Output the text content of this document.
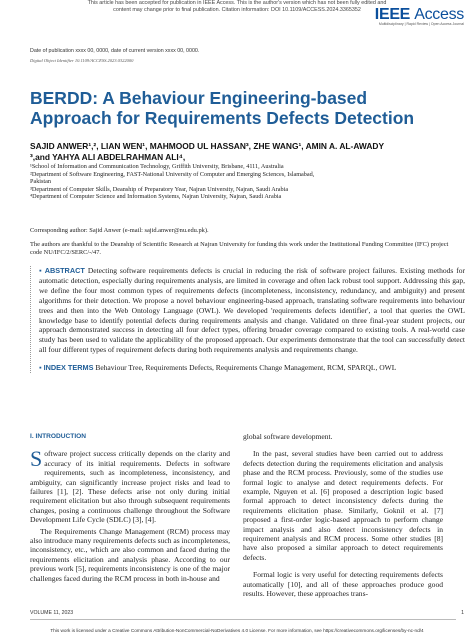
This article has been accepted for publication in IEEE Access. This is the author's version which has not been fully edited and
content may change prior to final publication. Citation information: DOI 10.1109/ACCESS.2024.3365352 IEEE Access
Multidisciplinary | Rapid Review | Open Access Journal
Date of publication xxxx 00, 0000, date of current version xxxx 00, 0000.
Digital Object Identifier 10.1109/ACCESS.2023.0322000
BERDD: A Behaviour Engineering-based
Approach for Requirements Defects Detection
SAJID ANWER¹,², LIAN WEN¹, MAHMOOD UL HASSAN³, ZHE WANG¹, AMIN A. AL-AWADY
³,and YAHYA ALI ABDELRAHMAN ALI⁴,
¹School of Information and Communication Technology, Griffith University, Brisbane, 4111, Australia
²Department of Software Engineering, FAST-National University of Computer and Emerging Sciences, Islamabad,
Pakistan
³Department of Computer Skills, Deanship of Preparatory Year, Najran University, Najran, Saudi Arabia
⁴Department of Computer Science and Information Systems, Najran University, Najran, Saudi Arabia
Corresponding author: Sajid Anwer (e-mail: sajid.anwer@nu.edu.pk).
The authors are thankful to the Deanship of Scientific Research at Najran University for funding this work under the Institutional Funding Committee (IFC) project code NU/IFC/2/SERC/-/47.
▪ ABSTRACT Detecting software requirements defects is crucial in reducing the risk of software project failures. Existing methods for automatic detection, especially during requirements analysis, are limited in coverage and often lack robust tool support. Addressing this gap, we define the four most common types of requirements defects (incompleteness, inconsistency, redundancy, and ambiguity) and present algorithms for their detection. We propose a novel behaviour engineering-based approach, translating software requirements into behaviour trees and then into the Web Ontology Language (OWL). We developed 'requirements defects identifier', a tool that queries the OWL knowledge base to identify potential defects during requirements analysis and change. Validated on three final-year student projects, our approach demonstrated success in detecting all four defect types, offering broader coverage compared to existing tools. A real-world case study has been used to validate the applicability of the proposed approach. Our experiments demonstrate that the tool can successfully detect all four different types of requirement defects during both requirements analysis and requirements change.
▪ INDEX TERMS Behaviour Tree, Requirements Defects, Requirements Change Management, RCM, SPARQL, OWL
I. INTRODUCTION

Software project success critically depends on the clarity and accuracy of its initial requirements. Defects in software requirements, such as incompleteness, inconsistency, and ambiguity, can significantly increase project risks and lead to failures [1], [2]. These defects arise not only during initial requirement elicitation but also through subsequent requirements changes, posing a continuous challenge throughout the Software Development Life Cycle (SDLC) [3], [4].

The Requirements Change Management (RCM) process may also introduce many requirements defects such as incompleteness, inconsistency, etc., which are also common and faced during the requirements elicitation and analysis phase. According to our previous work [5], requirements inconsistency is one of the major challenges faced during the RCM process in both in-house and

global software development.

In the past, several studies have been carried out to address defects detection during the requirements elicitation and analysis phase and the RCM process. Previously, some of the studies use formal logic to analyse and detect requirements defects. For example, Nguyen et al. [6] proposed a description logic based formal approach to detect inconsistency defects during the requirements elicitation phase. Similarly, Goknil et al. [7] proposed a first-order logic-based approach to perform change impact analysis and also detect inconsistency defects in requirement analysis and RCM process. Some other studies [8] have also proposed a similar approach to detect requirements defects.

Formal logic is very useful for detecting requirements defects automatically [10], and all of these approaches produce good results. However, these approaches trans-

VOLUME 11, 2023	1
This work is licensed under a Creative Commons Attribution-NonCommercial-NoDerivatives 4.0 License. For more information, see https://creativecommons.org/licenses/by-nc-nd/4
